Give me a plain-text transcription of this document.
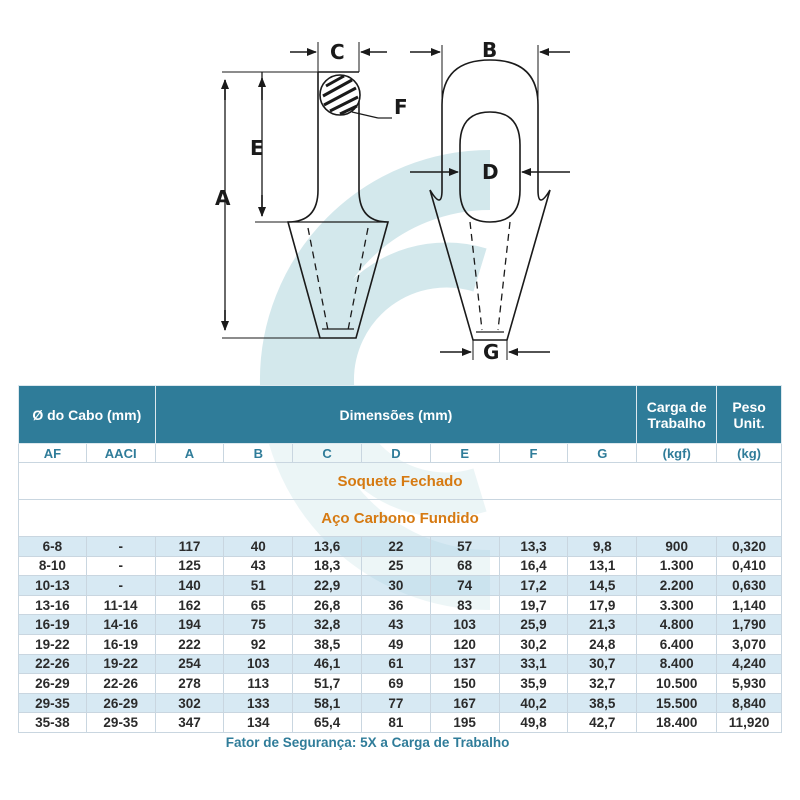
A
E
C
F
B
D
G
Soquete Fechado										
Aço Carbono Fundido										
Ø do Cabo (mm)		Dimensões (mm)							Carga de Trabalho	Peso Unit.
AF	AACI	A	B	C	D	E	F	G	(kgf)	(kg)
6-8	-	117	40	13,6	22	57	13,3	9,8	900	0,320
8-10	-	125	43	18,3	25	68	16,4	13,1	1.300	0,410
10-13	-	140	51	22,9	30	74	17,2	14,5	2.200	0,630
13-16	11-14	162	65	26,8	36	83	19,7	17,9	3.300	1,140
16-19	14-16	194	75	32,8	43	103	25,9	21,3	4.800	1,790
19-22	16-19	222	92	38,5	49	120	30,2	24,8	6.400	3,070
22-26	19-22	254	103	46,1	61	137	33,1	30,7	8.400	4,240
26-29	22-26	278	113	51,7	69	150	35,9	32,7	10.500	5,930
29-35	26-29	302	133	58,1	77	167	40,2	38,5	15.500	8,840
35-38	29-35	347	134	65,4	81	195	49,8	42,7	18.400	11,920
Fator de Segurança: 5X a Carga de Trabalho										
